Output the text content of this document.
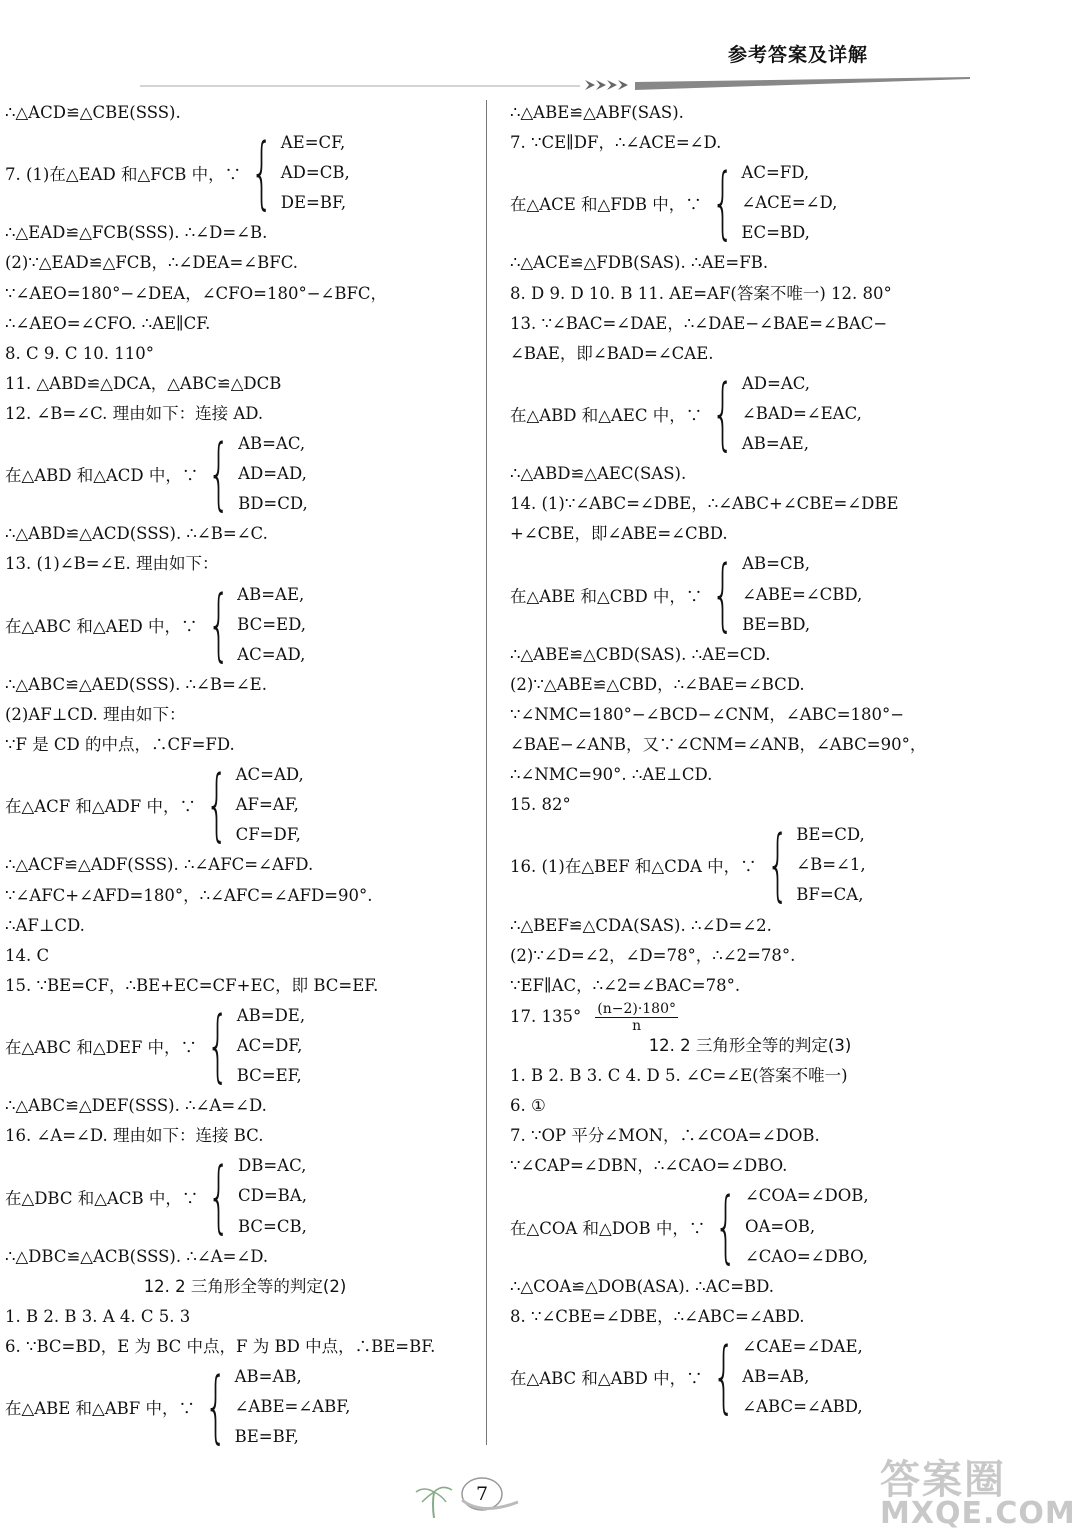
参考答案及详解
∴△ACD≌△CBE(SSS).
7. (1)在△EAD 和△FCB 中，∵ { AE=CF,
AD=CB,
DE=BF,
∴△EAD≌△FCB(SSS). ∴∠D=∠B.
(2)∵△EAD≌△FCB，∴∠DEA=∠BFC.
∵∠AEO=180°−∠DEA，∠CFO=180°−∠BFC，
∴∠AEO=∠CFO. ∴AE∥CF.
8. C 9. C 10. 110°
11. △ABD≌△DCA，△ABC≌△DCB
12. ∠B=∠C. 理由如下：连接 AD.
在△ABD 和△ACD 中，∵ { AB=AC,
AD=AD,
BD=CD,
∴△ABD≌△ACD(SSS). ∴∠B=∠C.
13. (1)∠B=∠E. 理由如下：
在△ABC 和△AED 中，∵ { AB=AE,
BC=ED,
AC=AD,
∴△ABC≌△AED(SSS). ∴∠B=∠E.
(2)AF⊥CD. 理由如下：
∵F 是 CD 的中点，∴CF=FD.
在△ACF 和△ADF 中，∵ { AC=AD,
AF=AF,
CF=DF,
∴△ACF≌△ADF(SSS). ∴∠AFC=∠AFD.
∵∠AFC+∠AFD=180°，∴∠AFC=∠AFD=90°.
∴AF⊥CD.
14. C
15. ∵BE=CF，∴BE+EC=CF+EC，即 BC=EF.
在△ABC 和△DEF 中，∵ { AB=DE,
AC=DF,
BC=EF,
∴△ABC≌△DEF(SSS). ∴∠A=∠D.
16. ∠A=∠D. 理由如下：连接 BC.
在△DBC 和△ACB 中，∵ { DB=AC,
CD=BA,
BC=CB,
∴△DBC≌△ACB(SSS). ∴∠A=∠D.
12. 2 三角形全等的判定(2)
1. B 2. B 3. A 4. C 5. 3
6. ∵BC=BD，E 为 BC 中点，F 为 BD 中点，∴BE=BF.
在△ABE 和△ABF 中，∵ { AB=AB,
∠ABE=∠ABF,
BE=BF,
∴△ABE≌△ABF(SAS).
7. ∵CE∥DF，∴∠ACE=∠D.
在△ACE 和△FDB 中，∵ { AC=FD,
∠ACE=∠D,
EC=BD,
∴△ACE≌△FDB(SAS). ∴AE=FB.
8. D 9. D 10. B 11. AE=AF(答案不唯一) 12. 80°
13. ∵∠BAC=∠DAE，∴∠DAE−∠BAE=∠BAC−
∠BAE，即∠BAD=∠CAE.
在△ABD 和△AEC 中，∵ { AD=AC,
∠BAD=∠EAC,
AB=AE,
∴△ABD≌△AEC(SAS).
14. (1)∵∠ABC=∠DBE，∴∠ABC+∠CBE=∠DBE
+∠CBE，即∠ABE=∠CBD.
在△ABE 和△CBD 中，∵ { AB=CB,
∠ABE=∠CBD,
BE=BD,
∴△ABE≌△CBD(SAS). ∴AE=CD.
(2)∵△ABE≌△CBD，∴∠BAE=∠BCD.
∵∠NMC=180°−∠BCD−∠CNM，∠ABC=180°−
∠BAE−∠ANB，又∵∠CNM=∠ANB，∠ABC=90°，
∴∠NMC=90°. ∴AE⊥CD.
15. 82°
16. (1)在△BEF 和△CDA 中，∵ { BE=CD,
∠B=∠1,
BF=CA,
∴△BEF≌△CDA(SAS). ∴∠D=∠2.
(2)∵∠D=∠2，∠D=78°，∴∠2=78°.
∵EF∥AC，∴∠2=∠BAC=78°.
17. $135^\circ \frac{(n-2)\cdot 180^\circ}{n}$
12. 2 三角形全等的判定(3)
1. B 2. B 3. C 4. D 5. ∠C=∠E(答案不唯一)
6. ①
7. ∵OP 平分∠MON，∴∠COA=∠DOB.
∵∠CAP=∠DBN，∴∠CAO=∠DBO.
在△COA 和△DOB 中，∵ { ∠COA=∠DOB,
OA=OB,
∠CAO=∠DBO,
∴△COA≌△DOB(ASA). ∴AC=BD.
8. ∵∠CBE=∠DBE，∴∠ABC=∠ABD.
在△ABC 和△ABD 中，∵ { ∠CAE=∠DAE,
AB=AB,
∠ABC=∠ABD,
7	答案圈
MXQE.COM
